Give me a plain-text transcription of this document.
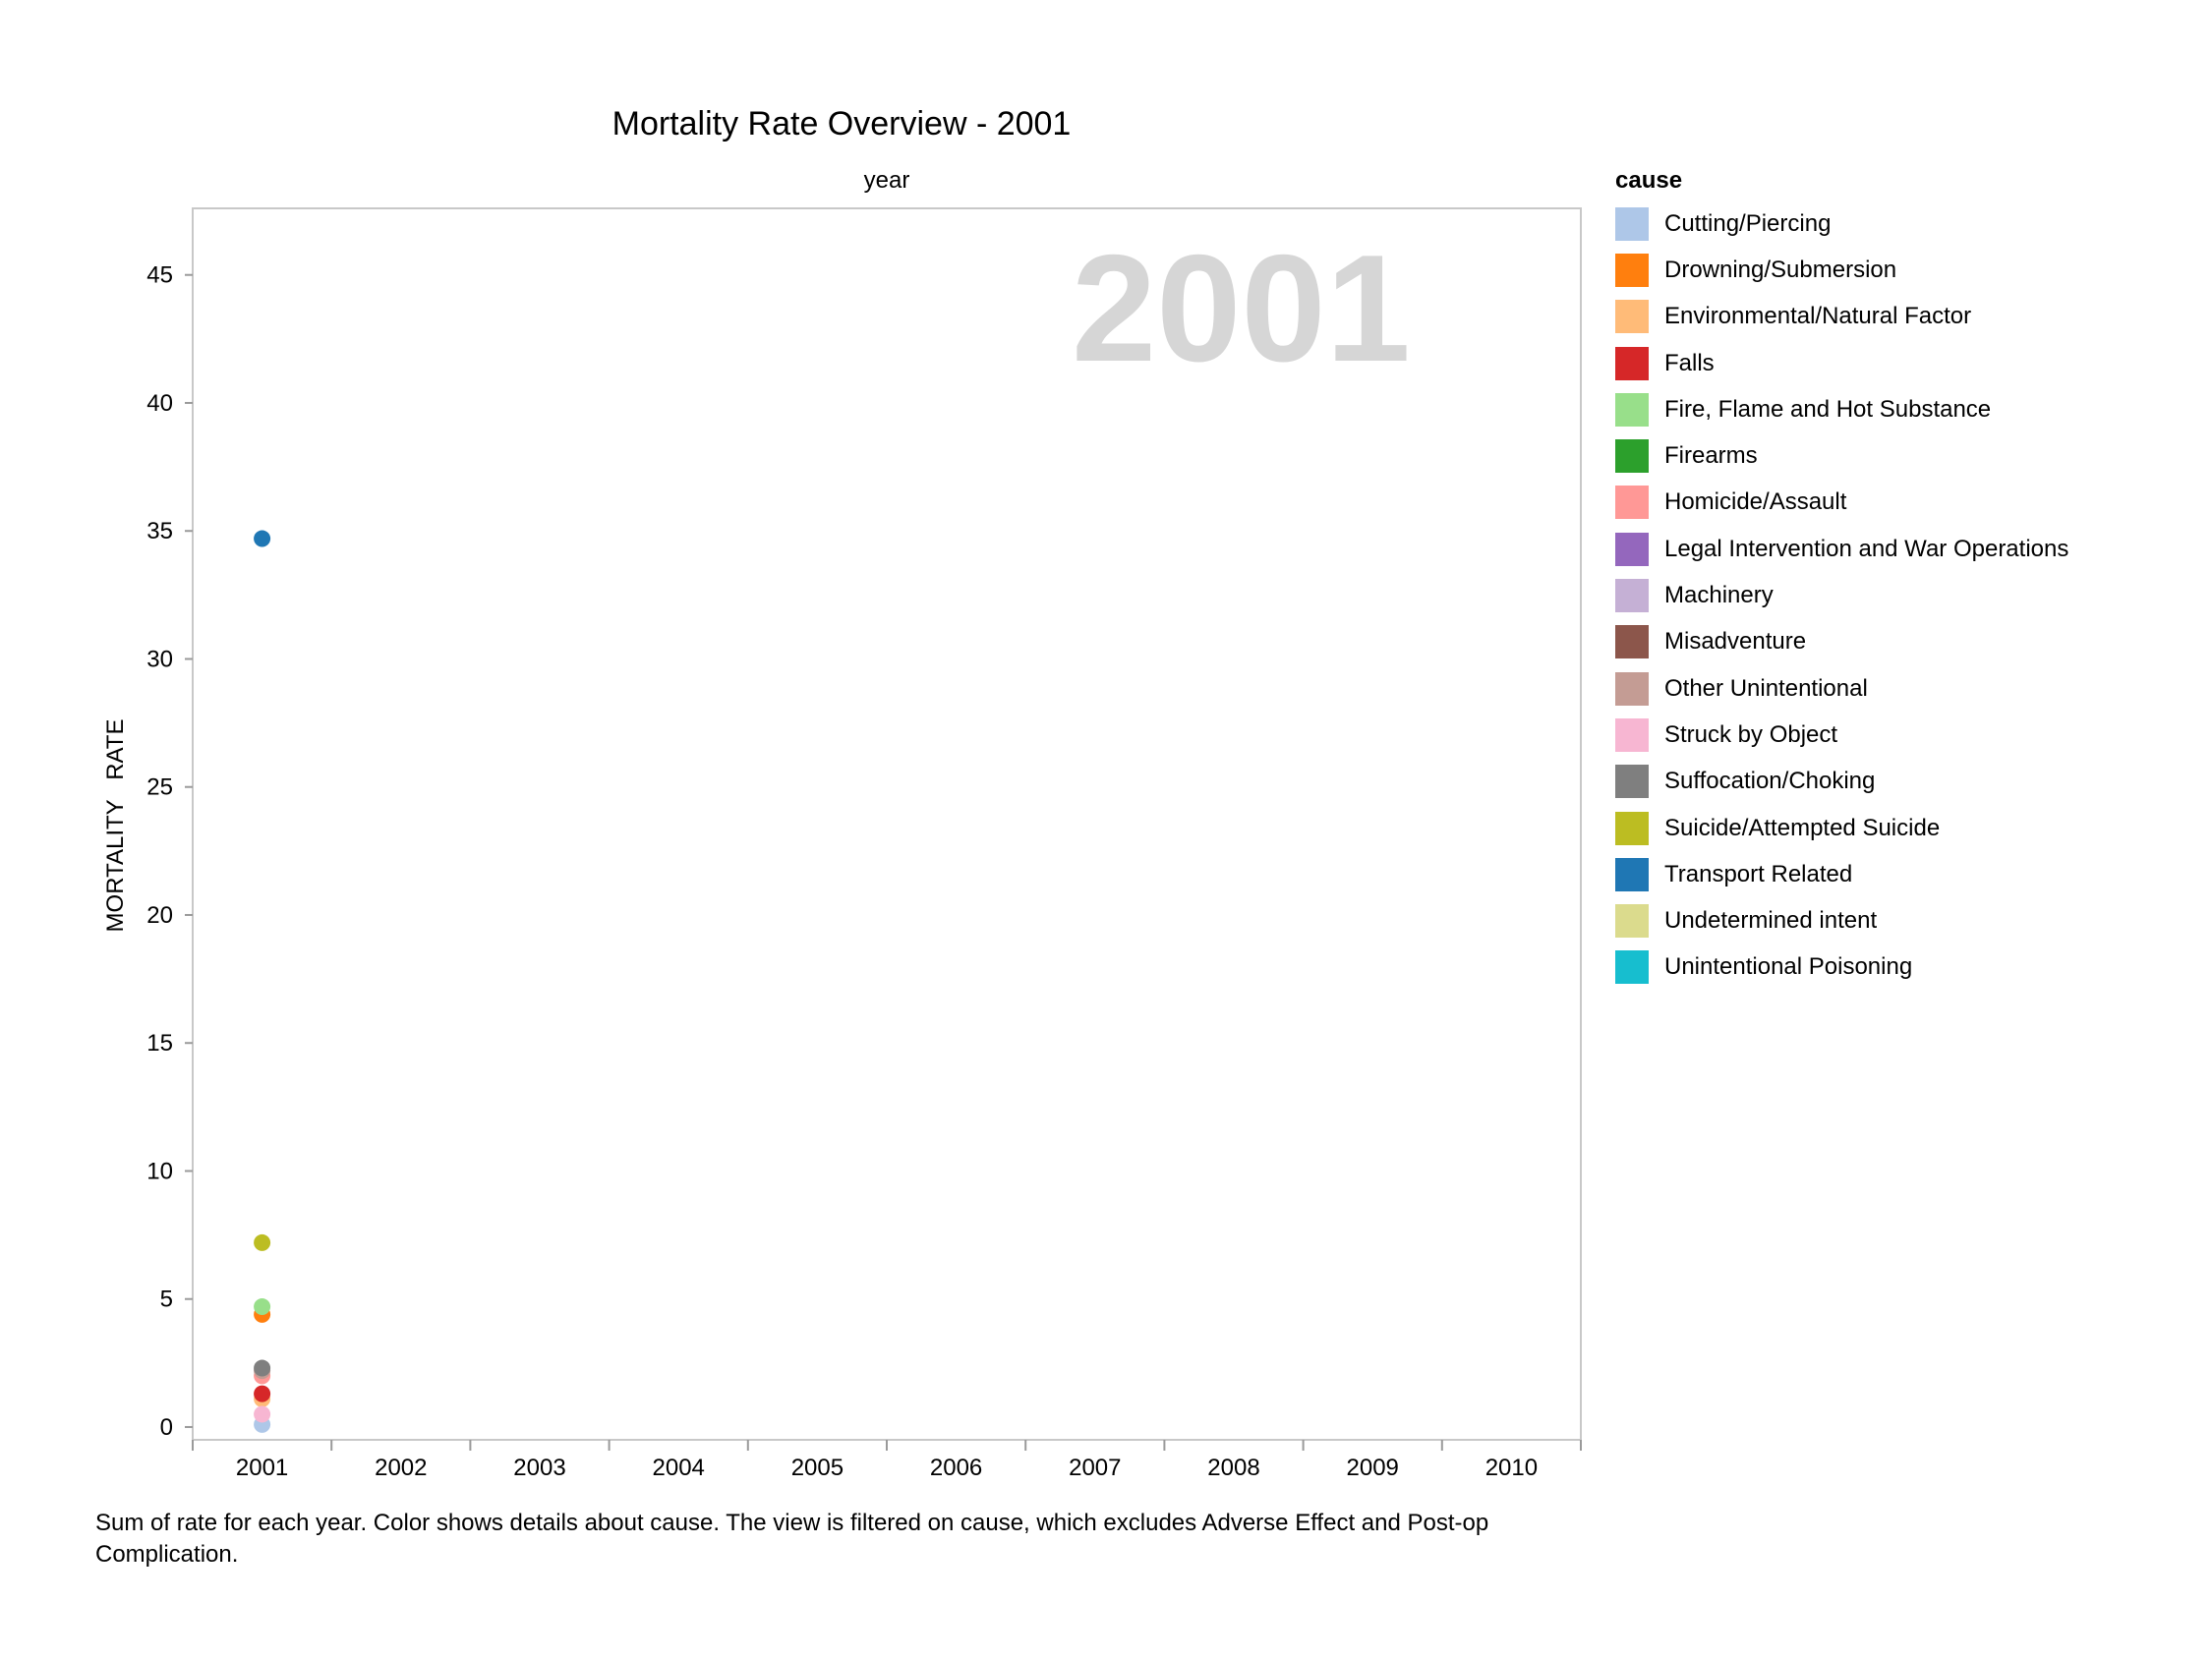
Mortality Rate Overview - 2001
year
MORTALITY   RATE
0
5
10
15
20
25
30
35
40
45
2001	2002	2003	2004	2005	2006	2007	2008	2009	2010
2001
cause
Cutting/Piercing
Drowning/Submersion
Environmental/Natural Factor
Falls
Fire, Flame and Hot Substance
Firearms
Homicide/Assault
Legal Intervention and War Operations
Machinery
Misadventure
Other Unintentional
Struck by Object
Suffocation/Choking
Suicide/Attempted Suicide
Transport Related
Undetermined intent
Unintentional Poisoning
Sum of rate for each year. Color shows details about cause. The view is filtered on cause, which excludes Adverse Effect and Post-op Complication.
